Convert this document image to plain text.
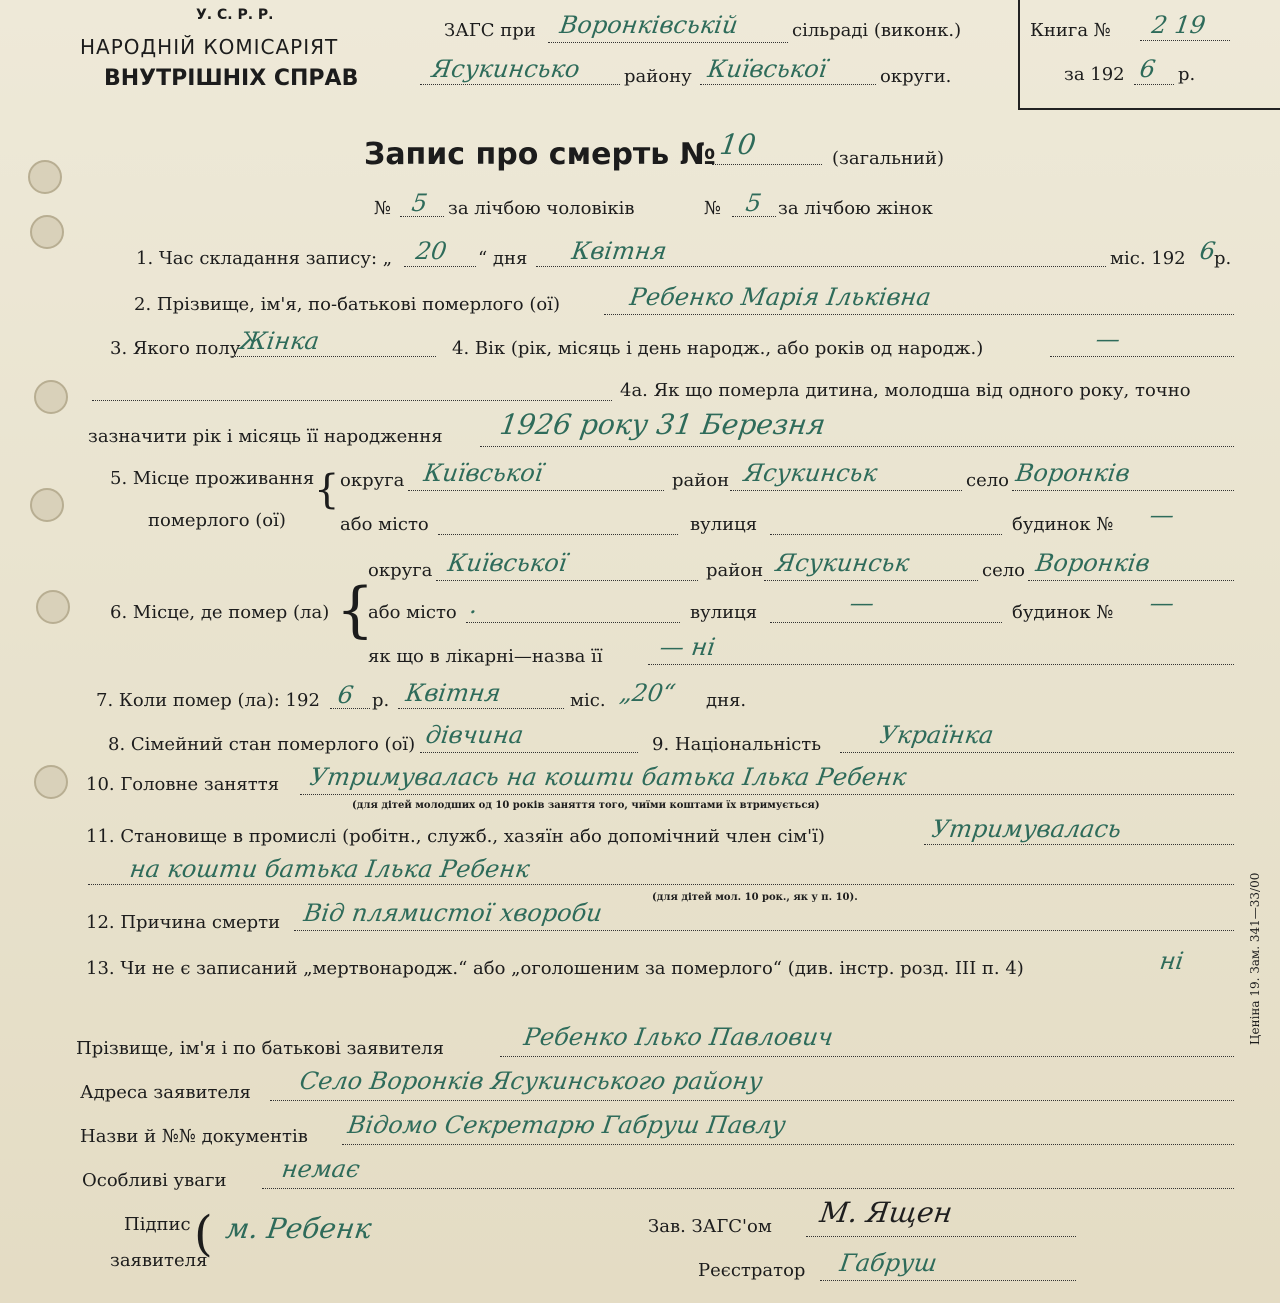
У. С. Р. Р.
НАРОДНІЙ КОМІСАРІЯТ
ВНУТРІШНІХ СПРАВ
ЗАГС при Воронківській	сільраді (виконк.)
Ясукинсько району Київської	округи.
Книга № 2 19
за 192 6 р.
Запис про смерть № 10	(загальний)
№ 5 за лічбою чоловіків	№ 5 за лічбою жінок
1. Час складання запису: „ 20 “ дня Квітня	міс. 192 6
р.
2. Прізвище, ім'я, по-батькові померлого (ої)	Ребенко Марія Ільківна
3. Якого полу
Жінка	4. Вік (рік, місяць і день народж., або років од народж.)	—
4а. Як що померла дитина, молодша від одного року, точно
зазначити рік і місяць її народження 1926 року 31 Березня
5. Місце проживання
померлого (ої)
{ округа Київської	район Ясукинськ	село Воронків
або місто	вулиця	будинок № —
6. Місце, де помер (ла) {
округа Київської	район Ясукинськ	село Воронків
або місто .	вулиця	—	будинок № —
як що в лікарні—назва її — ні
7. Коли помер (ла): 192 6 р. Квітня	міс. „20“ дня.
8. Сімейний стан померлого (ої) дівчина	9. Національність Українка
10. Головне заняття Утримувалась на кошти батька Ілька Ребенк
(для дітей молодших од 10 років заняття того, чиїми коштами їх втримується)
11. Становище в промислі (робітн., служб., хазяїн або допомічний член сім'ї)	Утримувалась
на кошти батька Ілька Ребенк
(для дітей мол. 10 рок., як у п. 10).
12. Причина смерти Від плямистої хвороби
13. Чи не є записаний „мертвонародж.“ або „оголошеним за померлого“ (див. інстр. розд. III п. 4)	ні
Прізвище, ім'я і по батькові заявителя	Ребенко Ілько Павлович
Адреса заявителя Село Воронків Ясукинського району
Назви й №№ документів Відомо Секретарю Габруш Павлу
Особливі уваги немає
Підпис
заявителя
( м. Ребенк	Зав. ЗАГС'ом М. Ящен
Реєстратор Габруш
Ценіна 19. Зам. 341—33/00
